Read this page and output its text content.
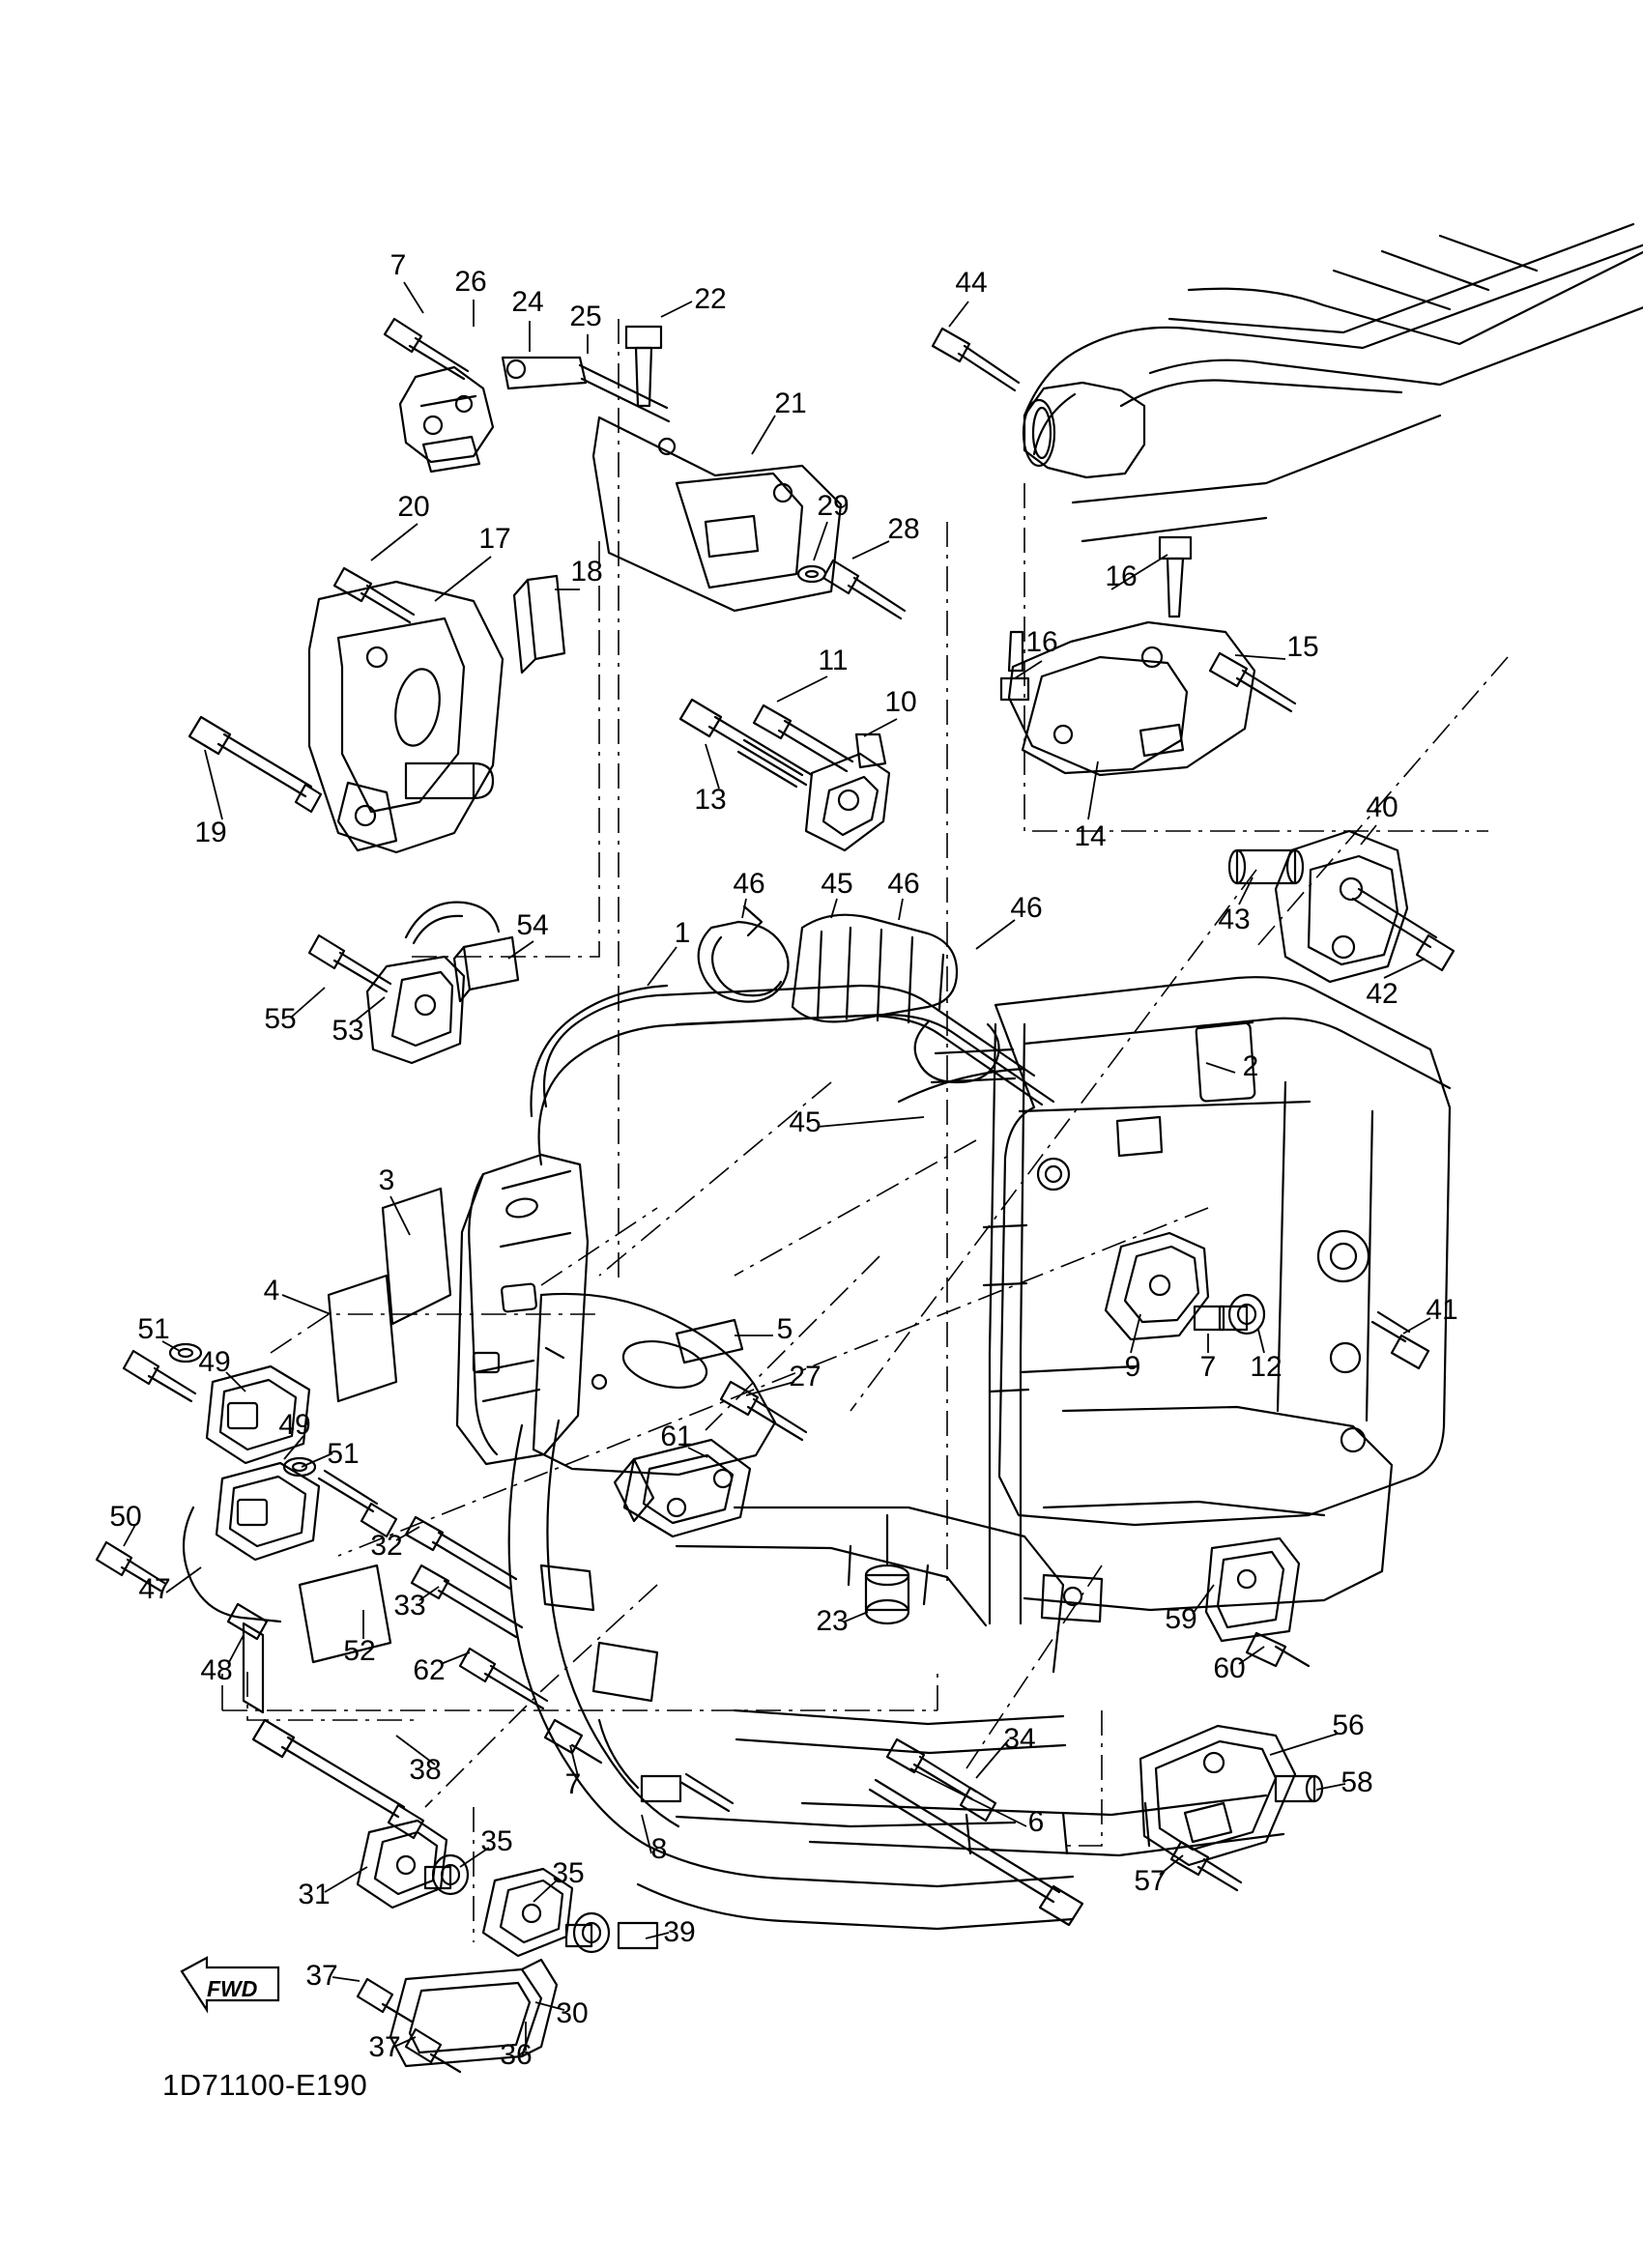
FWD
1D71100-E190
7
26
24 25
22
44
21
29
28
20
17
18	16
16	15
11
10
19
13
14
40
43
42
46 45 46
46
1
54
55 53
2
45
3
4
5
9 7 12
41
51
49
49
51
50
27
61
32
33
47
48
52
62
23	59
60
38	7
34	56
58
6
35
35
8
31
39
57
37
37
30
36
